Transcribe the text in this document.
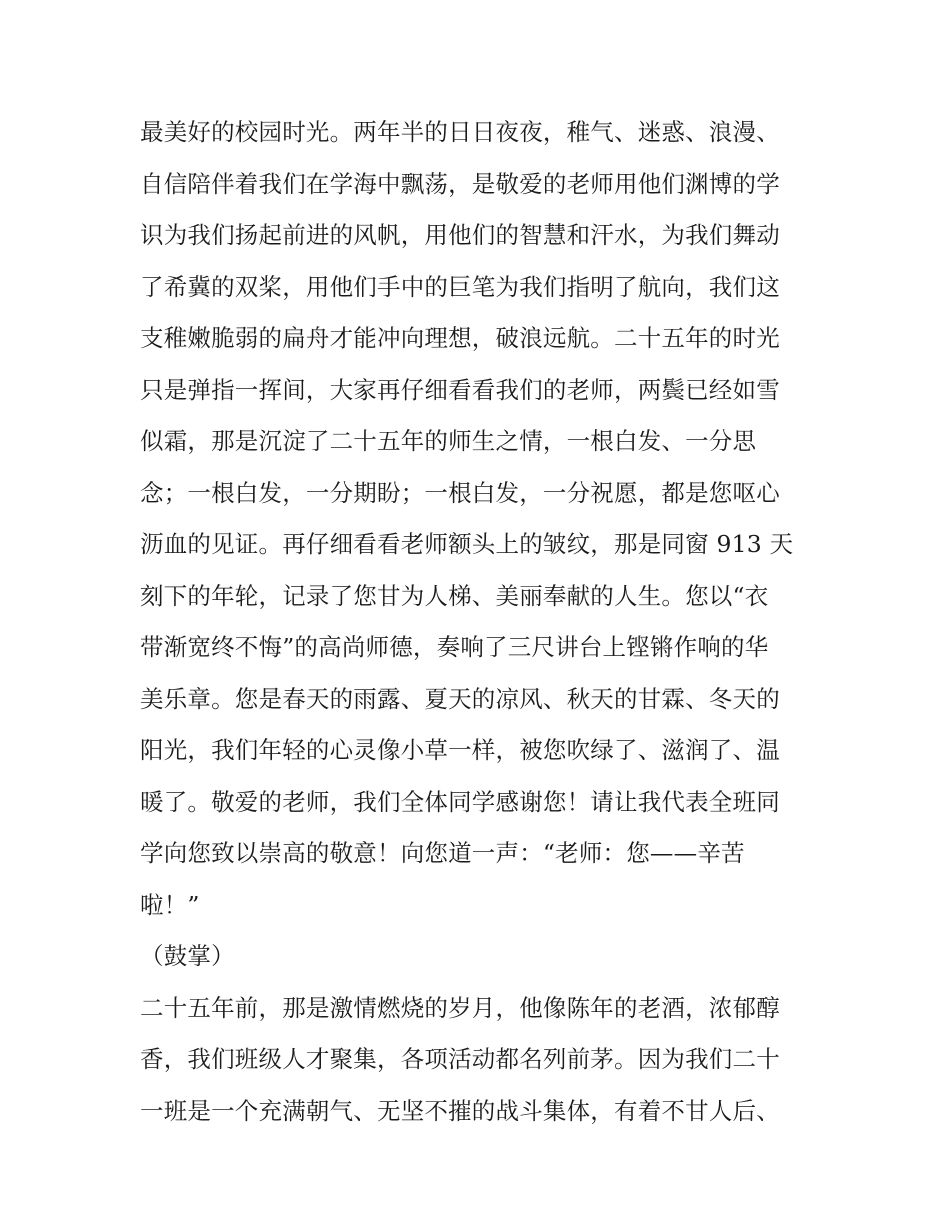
最美好的校园时光。两年半的日日夜夜，稚气、迷惑、浪漫、
自信陪伴着我们在学海中飘荡，是敬爱的老师用他们渊博的学
识为我们扬起前进的风帆，用他们的智慧和汗水，为我们舞动
了希冀的双桨，用他们手中的巨笔为我们指明了航向，我们这
支稚嫩脆弱的扁舟才能冲向理想，破浪远航。二十五年的时光
只是弹指一挥间，大家再仔细看看我们的老师，两鬓已经如雪
似霜，那是沉淀了二十五年的师生之情，一根白发、一分思
念；一根白发，一分期盼；一根白发，一分祝愿，都是您呕心
沥血的见证。再仔细看看老师额头上的皱纹，那是同窗 913 天
刻下的年轮，记录了您甘为人梯、美丽奉献的人生。您以“衣
带渐宽终不悔”的高尚师德，奏响了三尺讲台上铿锵作响的华
美乐章。您是春天的雨露、夏天的凉风、秋天的甘霖、冬天的
阳光，我们年轻的心灵像小草一样，被您吹绿了、滋润了、温
暖了。敬爱的老师，我们全体同学感谢您！请让我代表全班同
学向您致以崇高的敬意！向您道一声：“老师：您——辛苦
啦！”
（鼓掌）
二十五年前，那是激情燃烧的岁月，他像陈年的老酒，浓郁醇
香，我们班级人才聚集，各项活动都名列前茅。因为我们二十
一班是一个充满朝气、无坚不摧的战斗集体，有着不甘人后、
